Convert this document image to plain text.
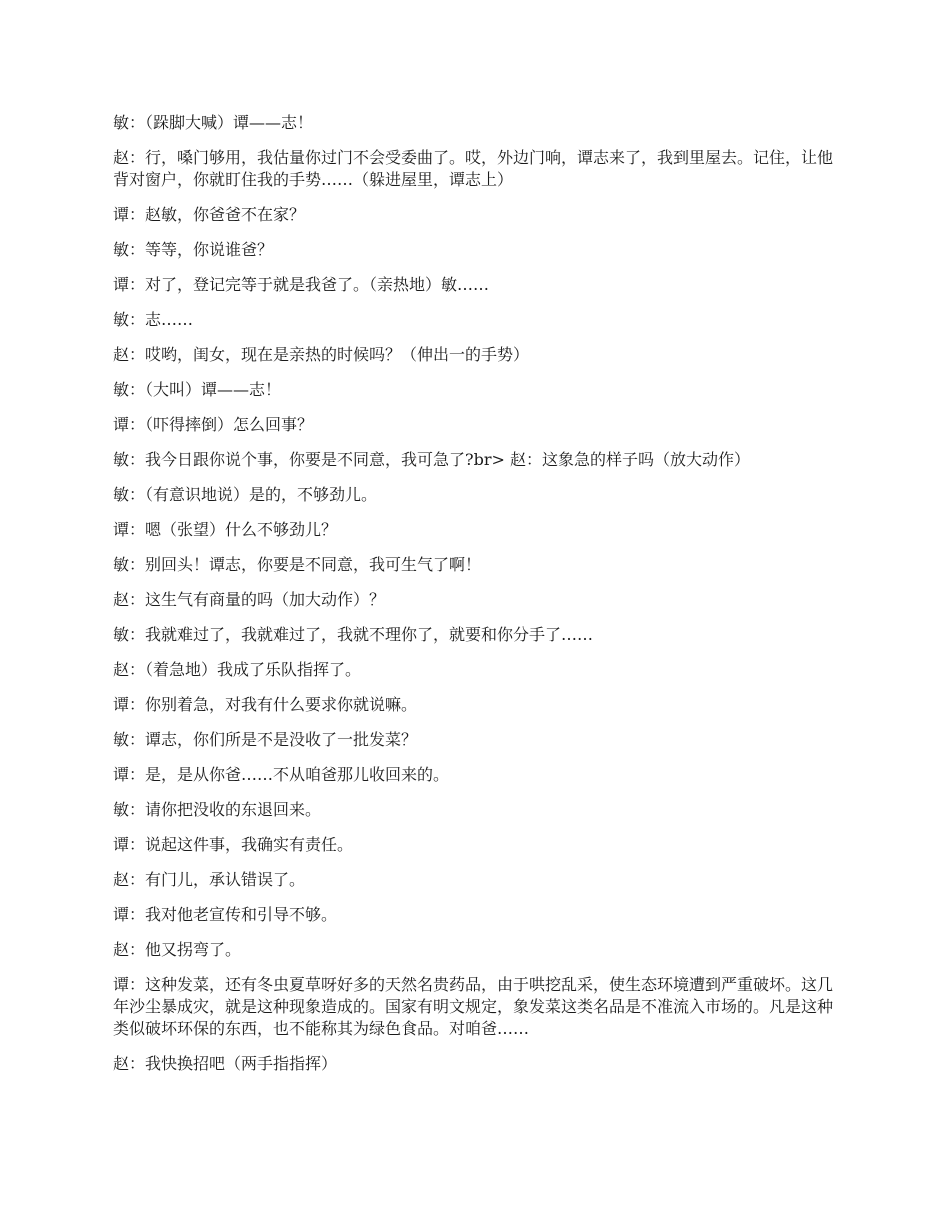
敏：（跺脚大喊）谭——志！

赵：行，嗓门够用，我估量你过门不会受委曲了。哎，外边门响，谭志来了，我到里屋去。记住，让他背对窗户，你就盯住我的手势……（躲进屋里，谭志上）

谭：赵敏，你爸爸不在家？

敏：等等，你说谁爸？

谭：对了，登记完等于就是我爸了。（亲热地）敏……

敏：志……

赵：哎哟，闺女，现在是亲热的时候吗？（伸出一的手势）

敏：（大叫）谭——志！

谭：（吓得摔倒）怎么回事？

敏：我今日跟你说个事，你要是不同意，我可急了?br> 赵：这象急的样子吗（放大动作）

敏：（有意识地说）是的，不够劲儿。

谭：嗯（张望）什么不够劲儿？

敏：别回头！谭志，你要是不同意，我可生气了啊！

赵：这生气有商量的吗（加大动作）？

敏：我就难过了，我就难过了，我就不理你了，就要和你分手了……

赵：（着急地）我成了乐队指挥了。

谭：你别着急，对我有什么要求你就说嘛。

敏：谭志，你们所是不是没收了一批发菜？

谭：是，是从你爸……不从咱爸那儿收回来的。

敏：请你把没收的东退回来。

谭：说起这件事，我确实有责任。

赵：有门儿，承认错误了。

谭：我对他老宣传和引导不够。

赵：他又拐弯了。

谭：这种发菜，还有冬虫夏草呀好多的天然名贵药品，由于哄挖乱采，使生态环境遭到严重破坏。这几年沙尘暴成灾，就是这种现象造成的。国家有明文规定，象发菜这类名品是不准流入市场的。凡是这种类似破坏环保的东西，也不能称其为绿色食品。对咱爸……

赵：我快换招吧（两手指指挥）
